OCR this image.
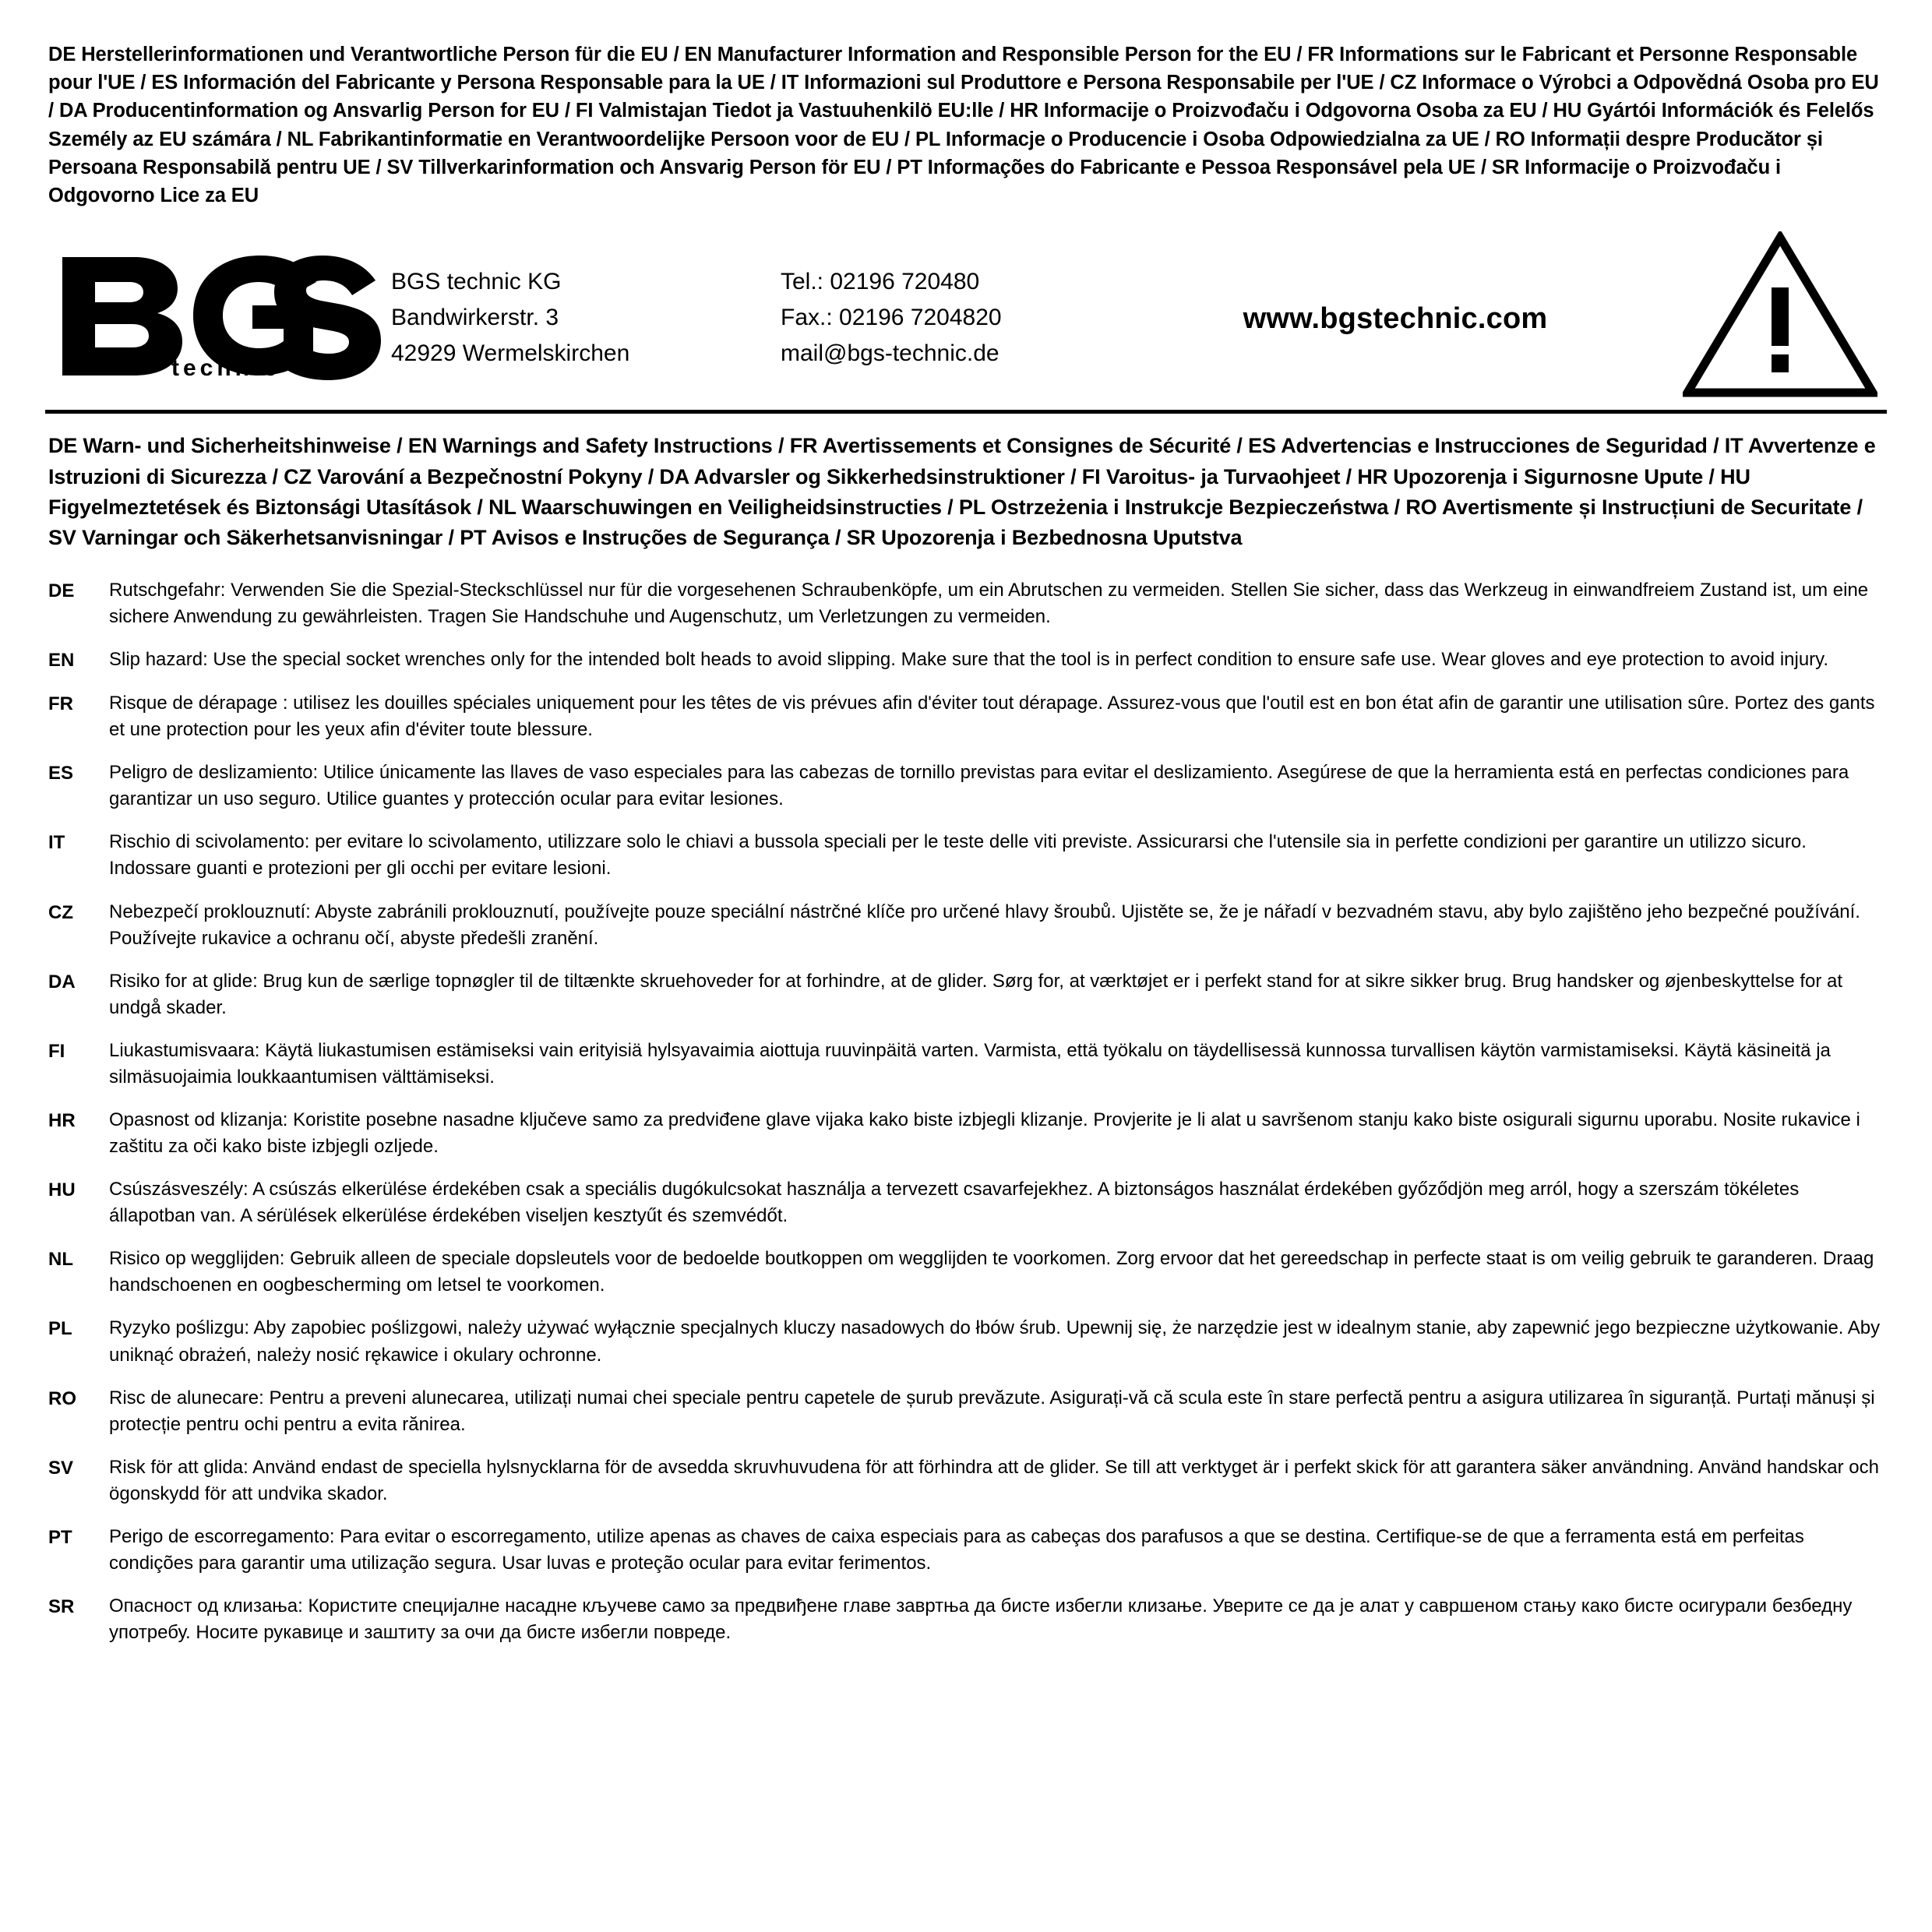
DE Herstellerinformationen und Verantwortliche Person für die EU / EN Manufacturer Information and Responsible Person for the EU / FR Informations sur le Fabricant et Personne Responsable pour l'UE / ES Información del Fabricante y Persona Responsable para la UE / IT Informazioni sul Produttore e Persona Responsabile per l'UE / CZ Informace o Výrobci a Odpovědná Osoba pro EU / DA Producentinformation og Ansvarlig Person for EU / FI Valmistajan Tiedot ja Vastuuhenkilö EU:lle / HR Informacije o Proizvođaču i Odgovorna Osoba za EU / HU Gyártói Információk és Felelős Személy az EU számára / NL Fabrikantinformatie en Verantwoordelijke Persoon voor de EU / PL Informacje o Producencie i Osoba Odpowiedzialna za UE / RO Informații despre Producător și Persoana Responsabilă pentru UE / SV Tillverkarinformation och Ansvarig Person för EU / PT Informações do Fabricante e Pessoa Responsável pela UE / SR Informacije o Proizvođaču i Odgovorno Lice za EU
®
technic
BGS technic KG
Bandwirkerstr. 3
42929 Wermelskirchen
Tel.: 02196 720480
Fax.: 02196 7204820
mail@bgs-technic.de
www.bgstechnic.com
DE Warn- und Sicherheitshinweise / EN Warnings and Safety Instructions / FR Avertissements et Consignes de Sécurité / ES Advertencias e Instrucciones de Seguridad / IT Avvertenze e Istruzioni di Sicurezza / CZ Varování a Bezpečnostní Pokyny / DA Advarsler og Sikkerhedsinstruktioner / FI Varoitus- ja Turvaohjeet / HR Upozorenja i Sigurnosne Upute / HU Figyelmeztetések és Biztonsági Utasítások / NL Waarschuwingen en Veiligheidsinstructies / PL Ostrzeżenia i Instrukcje Bezpieczeństwa / RO Avertismente și Instrucțiuni de Securitate / SV Varningar och Säkerhetsanvisningar / PT Avisos e Instruções de Segurança / SR Upozorenja i Bezbednosna Uputstva
DE	Rutschgefahr: Verwenden Sie die Spezial-Steckschlüssel nur für die vorgesehenen Schraubenköpfe, um ein Abrutschen zu vermeiden. Stellen Sie sicher, dass das Werkzeug in einwandfreiem Zustand ist, um eine sichere Anwendung zu gewährleisten. Tragen Sie Handschuhe und Augenschutz, um Verletzungen zu vermeiden.
EN	Slip hazard: Use the special socket wrenches only for the intended bolt heads to avoid slipping. Make sure that the tool is in perfect condition to ensure safe use. Wear gloves and eye protection to avoid injury.
FR	Risque de dérapage : utilisez les douilles spéciales uniquement pour les têtes de vis prévues afin d'éviter tout dérapage. Assurez-vous que l'outil est en bon état afin de garantir une utilisation sûre. Portez des gants et une protection pour les yeux afin d'éviter toute blessure.
ES	Peligro de deslizamiento: Utilice únicamente las llaves de vaso especiales para las cabezas de tornillo previstas para evitar el deslizamiento. Asegúrese de que la herramienta está en perfectas condiciones para garantizar un uso seguro. Utilice guantes y protección ocular para evitar lesiones.
IT	Rischio di scivolamento: per evitare lo scivolamento, utilizzare solo le chiavi a bussola speciali per le teste delle viti previste. Assicurarsi che l'utensile sia in perfette condizioni per garantire un utilizzo sicuro. Indossare guanti e protezioni per gli occhi per evitare lesioni.
CZ	Nebezpečí proklouznutí: Abyste zabránili proklouznutí, používejte pouze speciální nástrčné klíče pro určené hlavy šroubů. Ujistěte se, že je nářadí v bezvadném stavu, aby bylo zajištěno jeho bezpečné používání. Používejte rukavice a ochranu očí, abyste předešli zranění.
DA	Risiko for at glide: Brug kun de særlige topnøgler til de tiltænkte skruehoveder for at forhindre, at de glider. Sørg for, at værktøjet er i perfekt stand for at sikre sikker brug. Brug handsker og øjenbeskyttelse for at undgå skader.
FI	Liukastumisvaara: Käytä liukastumisen estämiseksi vain erityisiä hylsyavaimia aiottuja ruuvinpäitä varten. Varmista, että työkalu on täydellisessä kunnossa turvallisen käytön varmistamiseksi. Käytä käsineitä ja silmäsuojaimia loukkaantumisen välttämiseksi.
HR	Opasnost od klizanja: Koristite posebne nasadne ključeve samo za predviđene glave vijaka kako biste izbjegli klizanje. Provjerite je li alat u savršenom stanju kako biste osigurali sigurnu uporabu. Nosite rukavice i zaštitu za oči kako biste izbjegli ozljede.
HU	Csúszásveszély: A csúszás elkerülése érdekében csak a speciális dugókulcsokat használja a tervezett csavarfejekhez. A biztonságos használat érdekében győződjön meg arról, hogy a szerszám tökéletes állapotban van. A sérülések elkerülése érdekében viseljen kesztyűt és szemvédőt.
NL	Risico op wegglijden: Gebruik alleen de speciale dopsleutels voor de bedoelde boutkoppen om wegglijden te voorkomen. Zorg ervoor dat het gereedschap in perfecte staat is om veilig gebruik te garanderen. Draag handschoenen en oogbescherming om letsel te voorkomen.
PL	Ryzyko poślizgu: Aby zapobiec poślizgowi, należy używać wyłącznie specjalnych kluczy nasadowych do łbów śrub. Upewnij się, że narzędzie jest w idealnym stanie, aby zapewnić jego bezpieczne użytkowanie. Aby uniknąć obrażeń, należy nosić rękawice i okulary ochronne.
RO	Risc de alunecare: Pentru a preveni alunecarea, utilizați numai chei speciale pentru capetele de șurub prevăzute. Asigurați-vă că scula este în stare perfectă pentru a asigura utilizarea în siguranță. Purtați mănuși și protecție pentru ochi pentru a evita rănirea.
SV	Risk för att glida: Använd endast de speciella hylsnycklarna för de avsedda skruvhuvudena för att förhindra att de glider. Se till att verktyget är i perfekt skick för att garantera säker användning. Använd handskar och ögonskydd för att undvika skador.
PT	Perigo de escorregamento: Para evitar o escorregamento, utilize apenas as chaves de caixa especiais para as cabeças dos parafusos a que se destina. Certifique-se de que a ferramenta está em perfeitas condições para garantir uma utilização segura. Usar luvas e proteção ocular para evitar ferimentos.
SR	Опасност од клизања: Користите специјалне насадне кључеве само за предвиђене главе завртња да бисте избегли клизање. Уверите се да је алат у савршеном стању како бисте осигурали безбедну употребу. Носите рукавице и заштиту за очи да бисте избегли повреде.
